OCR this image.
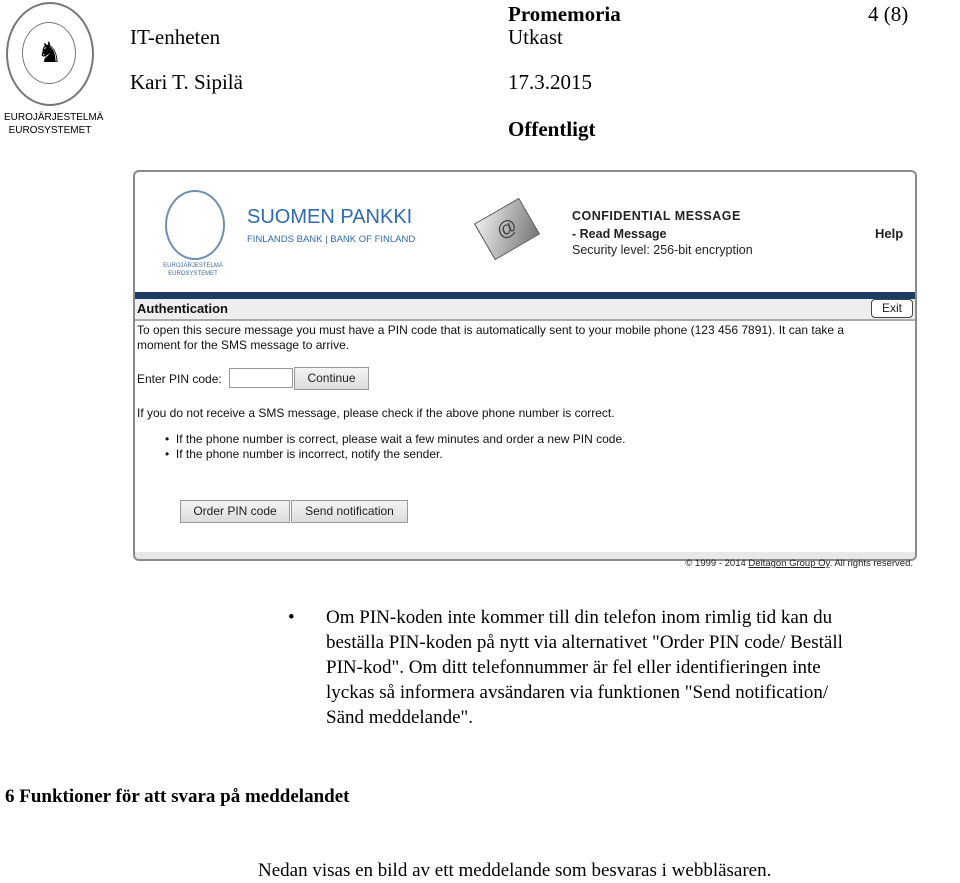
♞
EUROJÄRJESTELMÄ
EUROSYSTEMET
IT-enheten
Kari T. Sipilä
Promemoria
Utkast
17.3.2015
Offentligt
4 (8)
EUROJÄRJESTELMÄ
EUROSYSTEMET
SUOMEN PANKKI
FINLANDS BANK | BANK OF FINLAND	@	CONFIDENTIAL MESSAGE
- Read Message
Security level: 256-bit encryption
Help
Authentication	Exit
To open this secure message you must have a PIN code that is automatically sent to your mobile phone (123 456 7891). It can take a
moment for the SMS message to arrive.
Enter PIN code:	Continue
If you do not receive a SMS message, please check if the above phone number is correct.
•  If the phone number is correct, please wait a few minutes and order a new PIN code.
•  If the phone number is incorrect, notify the sender.
Order PIN code	Send notification
© 1999 - 2014 Deltagon Group Oy. All rights reserved.
• Om PIN-koden inte kommer till din telefon inom rimlig tid kan du
beställa PIN-koden på nytt via alternativet "Order PIN code/ Beställ
PIN-kod". Om ditt telefonnummer är fel eller identifieringen inte
lyckas så informera avsändaren via funktionen "Send notification/
Sänd meddelande".
6 Funktioner för att svara på meddelandet
Nedan visas en bild av ett meddelande som besvaras i webbläsaren.
